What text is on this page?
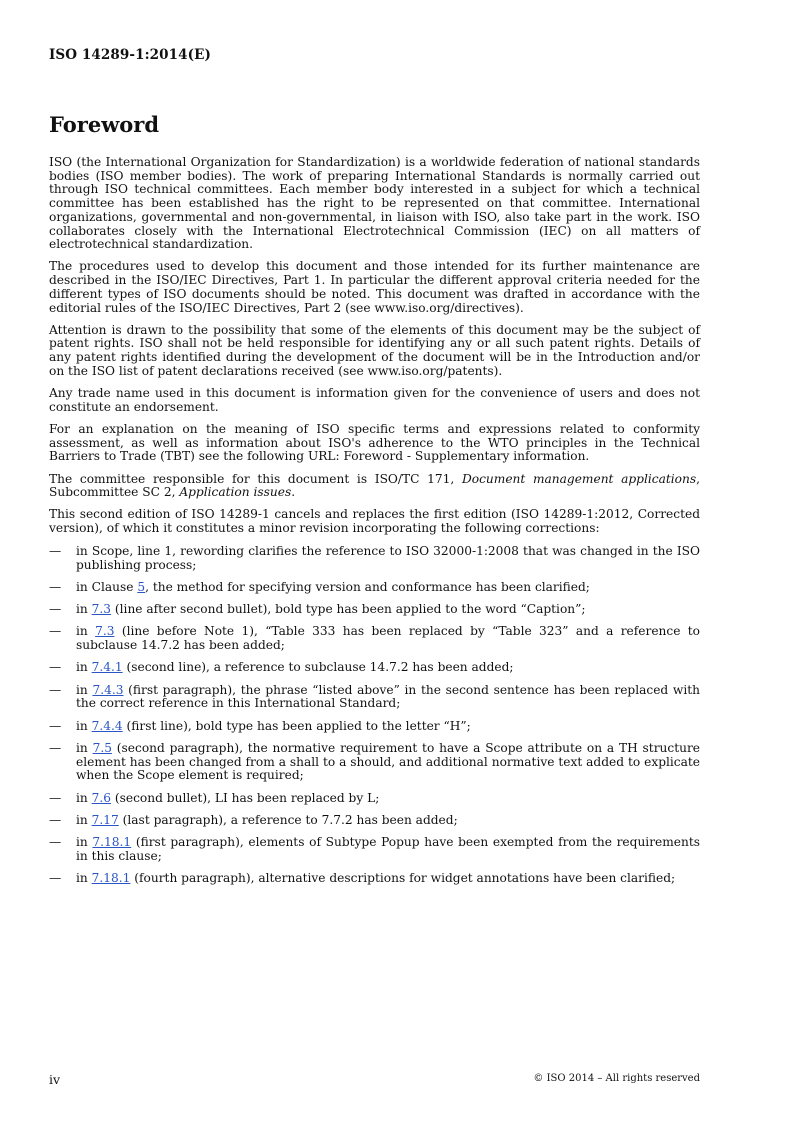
ISO 14289-1:2014(E)
Foreword

ISO (the International Organization for Standardization) is a worldwide federation of national standards bodies (ISO member bodies). The work of preparing International Standards is normally carried out through ISO technical committees. Each member body interested in a subject for which a technical committee has been established has the right to be represented on that committee. International organizations, governmental and non-governmental, in liaison with ISO, also take part in the work. ISO collaborates closely with the International Electrotechnical Commission (IEC) on all matters of electrotechnical standardization.

The procedures used to develop this document and those intended for its further maintenance are described in the ISO/IEC Directives, Part 1. In particular the different approval criteria needed for the different types of ISO documents should be noted. This document was drafted in accordance with the editorial rules of the ISO/IEC Directives, Part 2 (see www.iso.org/directives).

Attention is drawn to the possibility that some of the elements of this document may be the subject of patent rights. ISO shall not be held responsible for identifying any or all such patent rights. Details of any patent rights identified during the development of the document will be in the Introduction and/or on the ISO list of patent declarations received (see www.iso.org/patents).

Any trade name used in this document is information given for the convenience of users and does not constitute an endorsement.

For an explanation on the meaning of ISO specific terms and expressions related to conformity assessment, as well as information about ISO's adherence to the WTO principles in the Technical Barriers to Trade (TBT) see the following URL: Foreword - Supplementary information.

The committee responsible for this document is ISO/TC 171, Document management applications, Subcommittee SC 2, Application issues.

This second edition of ISO 14289-1 cancels and replaces the first edition (ISO 14289-1:2012, Corrected version), of which it constitutes a minor revision incorporating the following corrections:

— in Scope, line 1, rewording clarifies the reference to ISO 32000-1:2008 that was changed in the ISO publishing process;
— in Clause 5, the method for specifying version and conformance has been clarified;
— in 7.3 (line after second bullet), bold type has been applied to the word “Caption”;
— in 7.3 (line before Note 1), “Table 333 has been replaced by “Table 323” and a reference to subclause 14.7.2 has been added;
— in 7.4.1 (second line), a reference to subclause 14.7.2 has been added;
— in 7.4.3 (first paragraph), the phrase “listed above” in the second sentence has been replaced with the correct reference in this International Standard;
— in 7.4.4 (first line), bold type has been applied to the letter “H”;
— in 7.5 (second paragraph), the normative requirement to have a Scope attribute on a TH structure element has been changed from a shall to a should, and additional normative text added to explicate when the Scope element is required;
— in 7.6 (second bullet), LI has been replaced by L;
— in 7.17 (last paragraph), a reference to 7.7.2 has been added;
— in 7.18.1 (first paragraph), elements of Subtype Popup have been exempted from the requirements in this clause;
— in 7.18.1 (fourth paragraph), alternative descriptions for widget annotations have been clarified;
iv	© ISO 2014 – All rights reserved
